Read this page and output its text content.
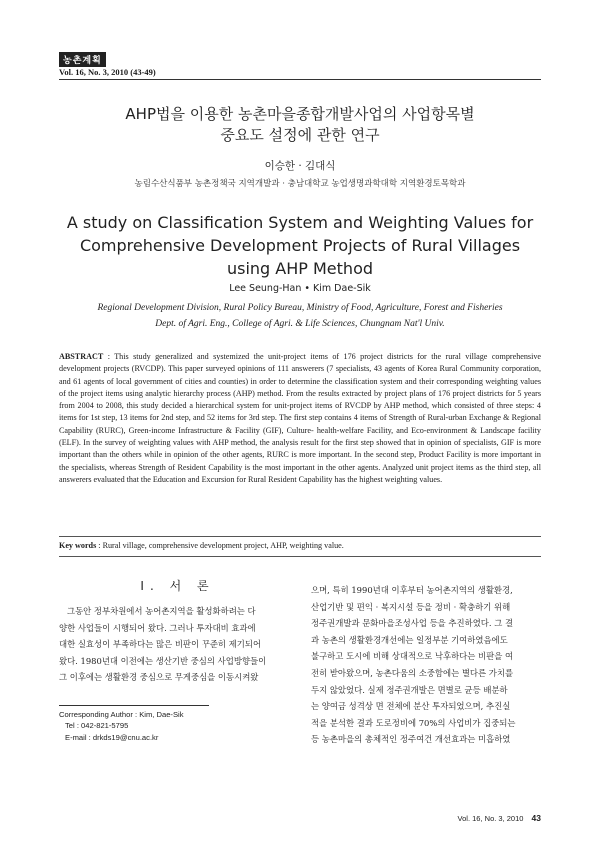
농촌계획
Vol. 16, No. 3, 2010 (43-49)
AHP법을 이용한 농촌마을종합개발사업의 사업항목별
중요도 설정에 관한 연구
이승한 · 김대식
농림수산식품부 농촌정책국 지역개발과 · 충남대학교 농업생명과학대학 지역환경토목학과
A study on Classification System and Weighting Values for
Comprehensive Development Projects of Rural Villages
using AHP Method
Lee Seung-Han • Kim Dae-Sik
Regional Development Division, Rural Policy Bureau, Ministry of Food, Agriculture, Forest and Fisheries
Dept. of Agri. Eng., College of Agri. & Life Sciences, Chungnam Nat'l Univ.
ABSTRACT : This study generalized and systemized the unit-project items of 176 project districts for the rural village comprehensive development projects (RVCDP). This paper surveyed opinions of 111 answerers (7 specialists, 43 agents of Korea Rural Community corporation, and 61 agents of local government of cities and counties) in order to determine the classification system and their corresponding weighting values of the project items using analytic hierarchy process (AHP) method. From the results extracted by project plans of 176 project districts for 5 years from 2004 to 2008, this study decided a hierarchical system for unit-project items of RVCDP by AHP method, which consisted of three steps: 4 items for 1st step, 13 items for 2nd step, and 52 items for 3rd step. The first step contains 4 items of Strength of Rural-urban Exchange & Regional Capability (RURC), Green-income Infrastructure & Facility (GIF), Culture- health-welfare Facility, and Eco-environment & Landscape facility (ELF). In the survey of weighting values with AHP method, the analysis result for the first step showed that in opinion of specialists, GIF is more important than the others while in opinion of the other agents, RURC is more important. In the second step, Product Facility is more important in the specialists, whereas Strength of Resident Capability is the most important in the other agents. Analyzed unit project items as the third step, all answerers evaluated that the Education and Excursion for Rural Resident Capability has the highest weighting values.
Key words : Rural village, comprehensive development project, AHP, weighting value.
I. 서 론
그동안 정부차원에서 농어촌지역을 활성화하려는 다
양한 사업들이 시행되어 왔다. 그러나 투자대비 효과에
대한 실효성이 부족하다는 많은 비판이 꾸준히 제기되어
왔다. 1980년대 이전에는 생산기반 중심의 사업방향들이
그 이후에는 생활환경 중심으로 무게중심을 이동시켜왔
으며, 특히 1990년대 이후부터 농어촌지역의 생활환경,
산업기반 및 편익 · 복지시설 등을 정비 · 확충하기 위해
정주권개발과 문화마을조성사업 등을 추진하였다. 그 결
과 농촌의 생활환경개선에는 일정부분 기여하였음에도
불구하고 도시에 비해 상대적으로 낙후하다는 비판을 여
전히 받아왔으며, 농촌다움의 소중함에는 별다른 가치를
두지 않았었다. 실제 정주권개발은 면별로 균등 배분하
는 양여금 성격상 면 전체에 분산 투자되었으며, 추진실
적을 분석한 결과 도로정비에 70%의 사업비가 집중되는
등 농촌마을의 총체적인 정주여건 개선효과는 미흡하였
Corresponding Author : Kim, Dae-Sik
Tel : 042-821-5795
E-mail : drkds19@cnu.ac.kr
Vol. 16, No. 3, 2010 43
